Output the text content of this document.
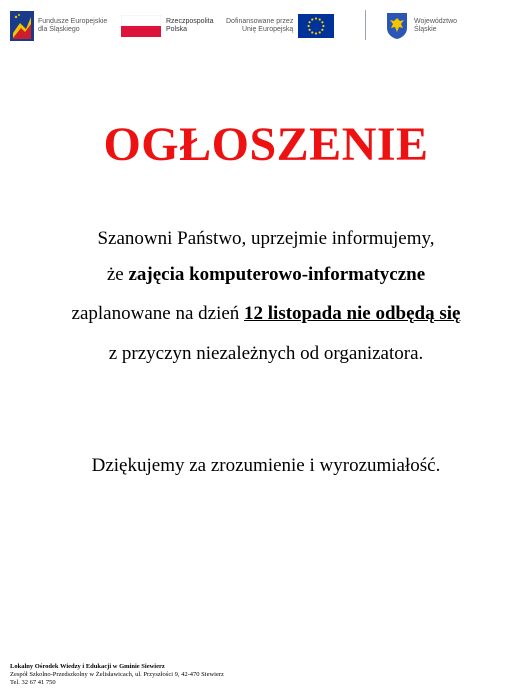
Fundusze Europejskie
dla Śląskiego
Rzeczpospolita
Polska
Dofinansowane przez
Unię Europejską
Województwo
Śląskie
OGŁOSZENIE
Szanowni Państwo, uprzejmie informujemy,
że zajęcia komputerowo-informatyczne
zaplanowane na dzień 12 listopada nie odbędą się
z przyczyn niezależnych od organizatora.
Dziękujemy za zrozumienie i wyrozumiałość.
Lokalny Ośrodek Wiedzy i Edukacji w Gminie Siewierz
Zespół Szkolno-Przedszkolny w Żelisławicach, ul. Przyszłości 9, 42-470 Siewierz
Tel. 32 67 41 750
